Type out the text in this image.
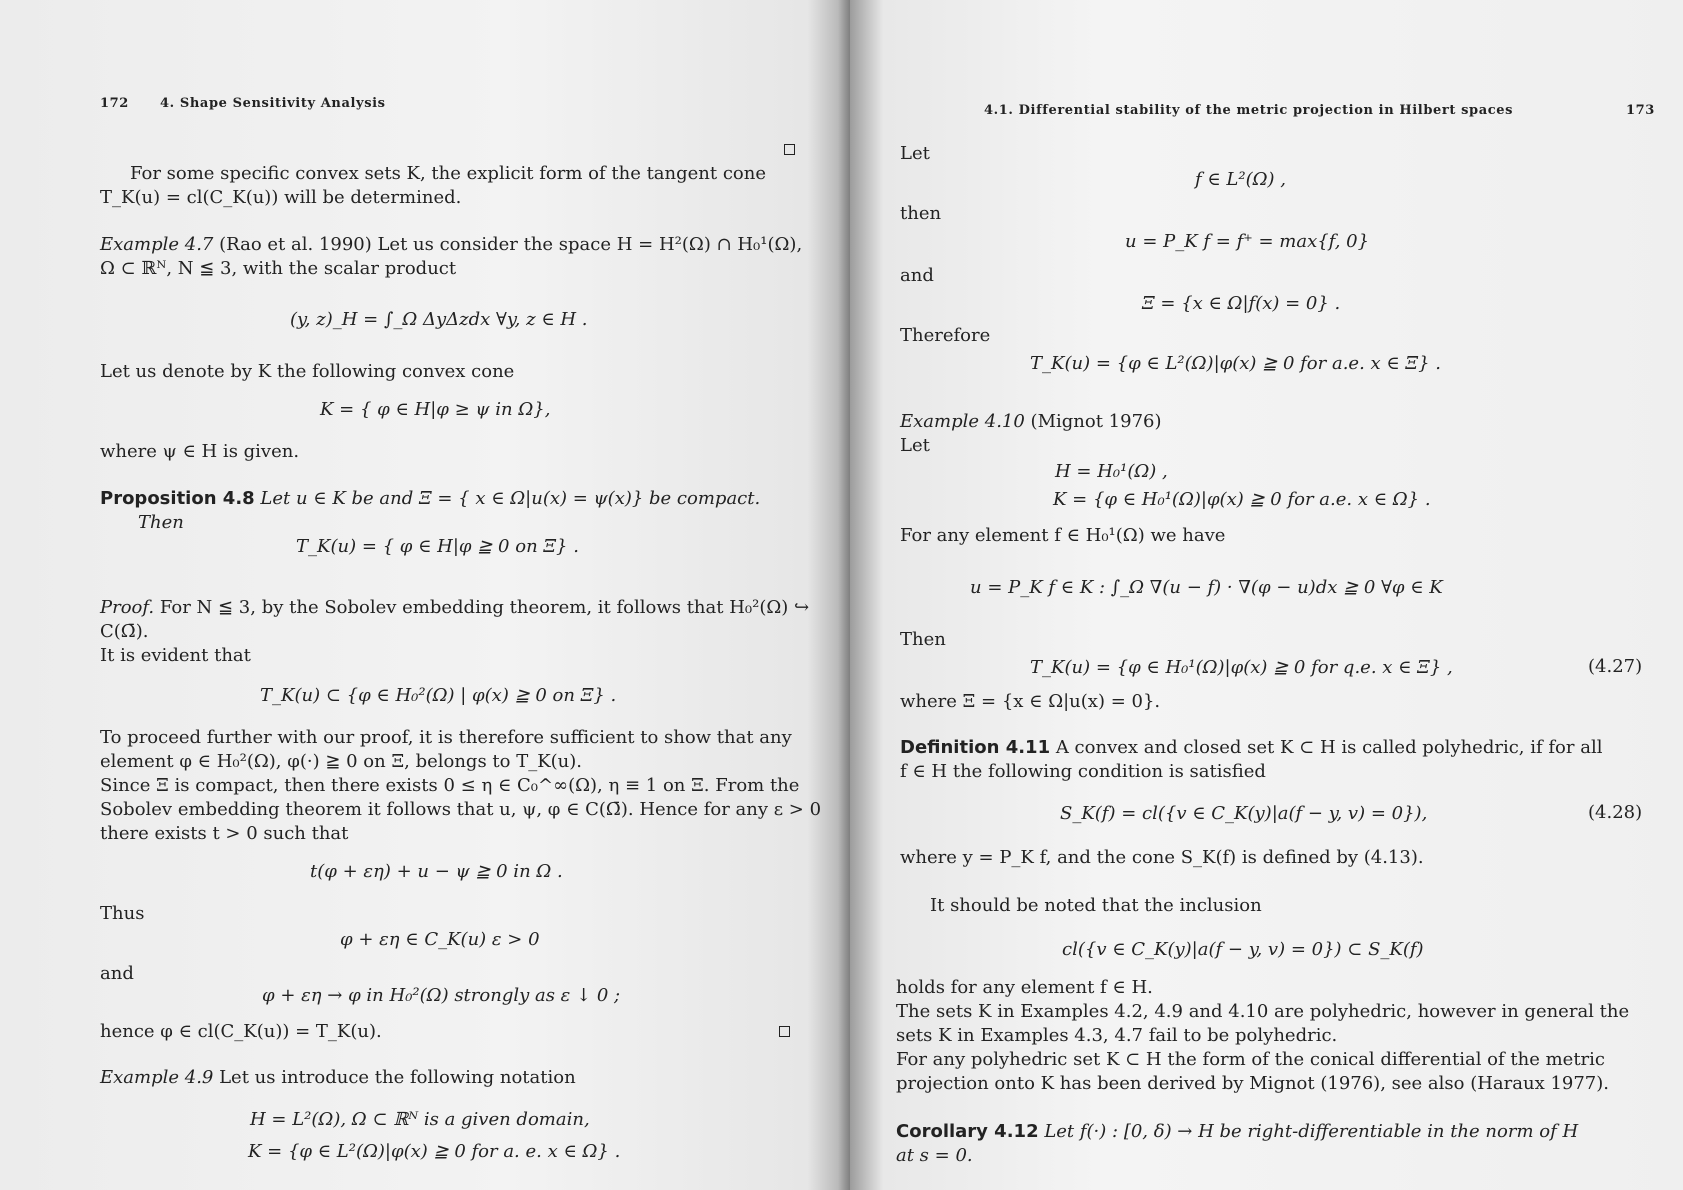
172 4. Shape Sensitivity Analysis
For some specific convex sets K, the explicit form of the tangent cone
T_K(u) = cl(C_K(u)) will be determined.
Example 4.7 (Rao et al. 1990) Let us consider the space H = H²(Ω) ∩ H₀¹(Ω),
Ω ⊂ ℝᴺ, N ≦ 3, with the scalar product
(y, z)_H = ∫_Ω ΔyΔzdx ∀y, z ∈ H .
Let us denote by K the following convex cone
K = { φ ∈ H|φ ≥ ψ in Ω},
where ψ ∈ H is given.
Proposition 4.8 Let u ∈ K be and Ξ = { x ∈ Ω|u(x) = ψ(x)} be compact.
Then
T_K(u) = { φ ∈ H|φ ≧ 0 on Ξ} .
Proof. For N ≦ 3, by the Sobolev embedding theorem, it follows that H₀²(Ω) ↪
C(Ω̄).
It is evident that
T_K(u) ⊂ {φ ∈ H₀²(Ω) | φ(x) ≧ 0 on Ξ} .
To proceed further with our proof, it is therefore sufficient to show that any
element φ ∈ H₀²(Ω), φ(·) ≧ 0 on Ξ, belongs to T_K(u).
Since Ξ is compact, then there exists 0 ≤ η ∈ C₀^∞(Ω), η ≡ 1 on Ξ. From the
Sobolev embedding theorem it follows that u, ψ, φ ∈ C(Ω̄). Hence for any ε > 0
there exists t > 0 such that
t(φ + εη) + u − ψ ≧ 0 in Ω .
Thus
φ + εη ∈ C_K(u) ε > 0
and
φ + εη → φ in H₀²(Ω) strongly as ε ↓ 0 ;
hence φ ∈ cl(C_K(u)) = T_K(u).
Example 4.9 Let us introduce the following notation
H = L²(Ω), Ω ⊂ ℝᴺ is a given domain,
K = {φ ∈ L²(Ω)|φ(x) ≧ 0 for a. e. x ∈ Ω} .
4.1. Differential stability of the metric projection in Hilbert spaces	173
Let
f ∈ L²(Ω) ,
then
u = P_K f = f⁺ = max{f, 0}
and
Ξ = {x ∈ Ω|f(x) = 0} .
Therefore
T_K(u) = {φ ∈ L²(Ω)|φ(x) ≧ 0 for a.e. x ∈ Ξ} .
Example 4.10 (Mignot 1976)
Let
H = H₀¹(Ω) ,
K = {φ ∈ H₀¹(Ω)|φ(x) ≧ 0 for a.e. x ∈ Ω} .
For any element f ∈ H₀¹(Ω) we have
u = P_K f ∈ K : ∫_Ω ∇(u − f) · ∇(φ − u)dx ≧ 0 ∀φ ∈ K
Then
T_K(u) = {φ ∈ H₀¹(Ω)|φ(x) ≧ 0 for q.e. x ∈ Ξ} ,	(4.27)
where Ξ = {x ∈ Ω|u(x) = 0}.
Definition 4.11 A convex and closed set K ⊂ H is called polyhedric, if for all
f ∈ H the following condition is satisfied
S_K(f) = cl({v ∈ C_K(y)|a(f − y, v) = 0}),	(4.28)
where y = P_K f, and the cone S_K(f) is defined by (4.13).
It should be noted that the inclusion
cl({v ∈ C_K(y)|a(f − y, v) = 0}) ⊂ S_K(f)
holds for any element f ∈ H.
The sets K in Examples 4.2, 4.9 and 4.10 are polyhedric, however in general the
sets K in Examples 4.3, 4.7 fail to be polyhedric.
For any polyhedric set K ⊂ H the form of the conical differential of the metric
projection onto K has been derived by Mignot (1976), see also (Haraux 1977).
Corollary 4.12 Let f(·) : [0, δ) → H be right-differentiable in the norm of H
at s = 0.
